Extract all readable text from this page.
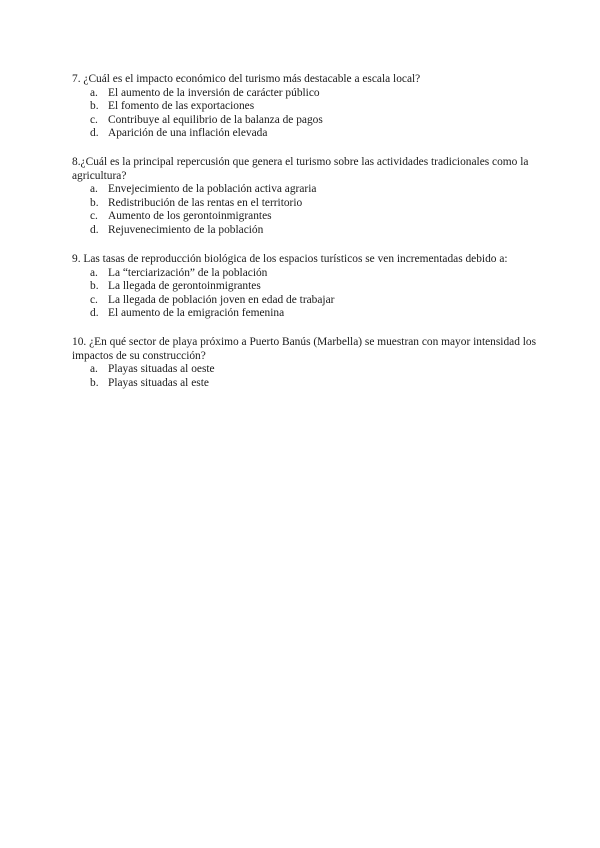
7. ¿Cuál es el impacto económico del turismo más destacable a escala local?

a. El aumento de la inversión de carácter público
b. El fomento de las exportaciones
c. Contribuye al equilibrio de la balanza de pagos
d. Aparición de una inflación elevada

8.¿Cuál es la principal repercusión que genera el turismo sobre las actividades tradicionales como la agricultura?

a. Envejecimiento de la población activa agraria
b. Redistribución de las rentas en el territorio
c. Aumento de los gerontoinmigrantes
d. Rejuvenecimiento de la población

9. Las tasas de reproducción biológica de los espacios turísticos se ven incrementadas debido a:

a. La “terciarización” de la población
b. La llegada de gerontoinmigrantes
c. La llegada de población joven en edad de trabajar
d. El aumento de la emigración femenina

10. ¿En qué sector de playa próximo a Puerto Banús (Marbella) se muestran con mayor intensidad los impactos de su construcción?

a. Playas situadas al oeste
b. Playas situadas al este
